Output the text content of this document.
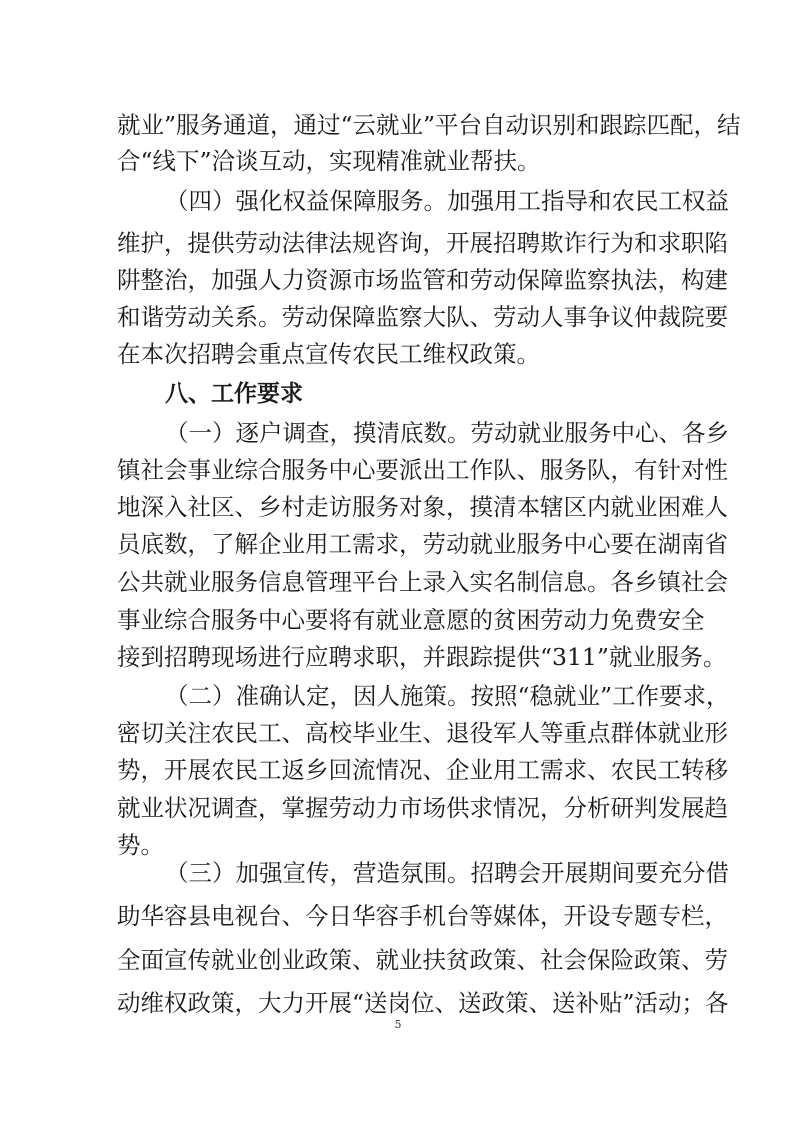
就业”服务通道，通过“云就业”平台自动识别和跟踪匹配，结
合“线下”洽谈互动，实现精准就业帮扶。
（四）强化权益保障服务。加强用工指导和农民工权益
维护，提供劳动法律法规咨询，开展招聘欺诈行为和求职陷
阱整治，加强人力资源市场监管和劳动保障监察执法，构建
和谐劳动关系。劳动保障监察大队、劳动人事争议仲裁院要
在本次招聘会重点宣传农民工维权政策。
八、工作要求
（一）逐户调查，摸清底数。劳动就业服务中心、各乡
镇社会事业综合服务中心要派出工作队、服务队，有针对性
地深入社区、乡村走访服务对象，摸清本辖区内就业困难人
员底数，了解企业用工需求，劳动就业服务中心要在湖南省
公共就业服务信息管理平台上录入实名制信息。各乡镇社会
事业综合服务中心要将有就业意愿的贫困劳动力免费安全
接到招聘现场进行应聘求职，并跟踪提供“311”就业服务。
（二）准确认定，因人施策。按照“稳就业”工作要求，
密切关注农民工、高校毕业生、退役军人等重点群体就业形
势，开展农民工返乡回流情况、企业用工需求、农民工转移
就业状况调查，掌握劳动力市场供求情况，分析研判发展趋
势。
（三）加强宣传，营造氛围。招聘会开展期间要充分借
助华容县电视台、今日华容手机台等媒体，开设专题专栏，
全面宣传就业创业政策、就业扶贫政策、社会保险政策、劳
动维权政策，大力开展“送岗位、送政策、送补贴”活动；各
5
